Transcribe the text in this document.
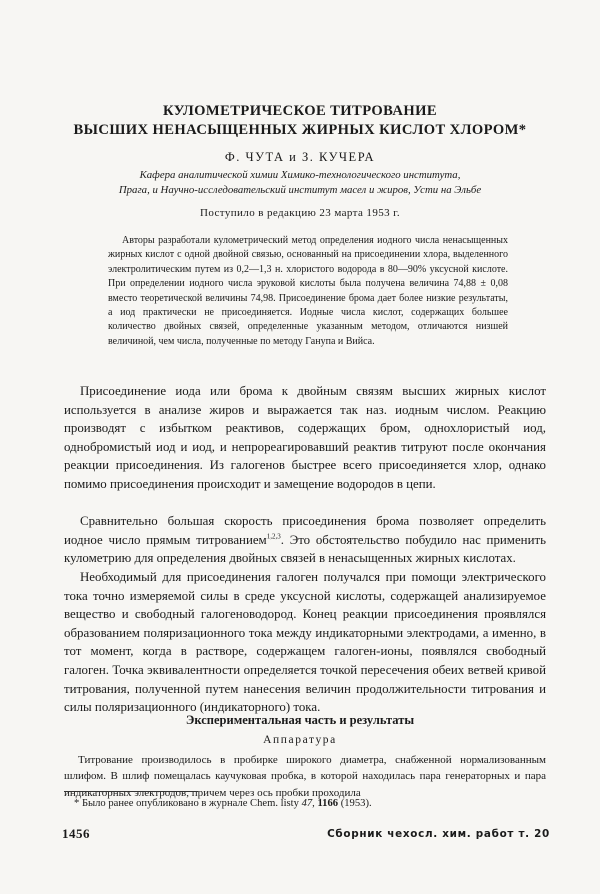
КУЛОМЕТРИЧЕСКОЕ ТИТРОВАНИЕ
ВЫСШИХ НЕНАСЫЩЕННЫХ ЖИРНЫХ КИСЛОТ ХЛОРОМ*
Ф. ЧУТА и З. КУЧЕРА
Кафера аналитической химии Химико-технологического института,
Прага, и Научно-исследовательский институт масел и жиров, Усти на Эльбе
Поступило в редакцию 23 марта 1953 г.

Авторы разработали кулометрический метод определения иодного числа ненасыщенных жирных кислот с одной двойной связью, основанный на присоединении хлора, выделенного электролитическим путем из 0,2—1,3 н. хлористого водорода в 80—90% уксусной кислоте. При определении иодного числа эруковой кислоты была получена величина 74,88 ± 0,08 вместо теоретической величины 74,98. Присоединение брома дает более низкие результаты, а иод практически не присоединяется. Иодные числа кислот, содержащих большее количество двойных связей, определенные указанным методом, отличаются низшей величиной, чем числа, полученные по методу Ганупа и Вийса.

Присоединение иода или брома к двойным связям высших жирных кислот используется в анализе жиров и выражается так наз. иодным числом. Реакцию производят с избытком реактивов, содержащих бром, однохлористый иод, однобромистый иод и иод, и непрореагировавший реактив титруют после окончания реакции присоединения. Из галогенов быстрее всего присоединяется хлор, однако помимо присоединения происходит и замещение водородов в цепи.

Сравнительно большая скорость присоединения брома позволяет определить иодное число прямым титрованием$^{1,2,3}$. Это обстоятельство побудило нас применить кулометрию для определения двойных связей в ненасыщенных жирных кислотах.

Необходимый для присоединения галоген получался при помощи электрического тока точно измеряемой силы в среде уксусной кислоты, содержащей анализируемое вещество и свободный галогеноводород. Конец реакции присоединения проявлялся образованием поляризационного тока между индикаторными электродами, а именно, в тот момент, когда в растворе, содержащем галоген-ионы, появлялся свободный галоген. Точка эквивалентности определяется точкой пересечения обеих ветвей кривой титрования, полученной путем нанесения величин продолжительности титрования и силы поляризационного (индикаторного) тока.

Экспериментальная часть и результаты
Аппаратура

Титрование производилось в пробирке широкого диаметра, снабженной нормализованным шлифом. В шлиф помещалась каучуковая пробка, в которой находилась пара генераторных и пара индикаторных электродов, причем через ось пробки проходила

* Было ранее опубликовано в журнале Chem. listy 47, 1166 (1953).
1456	Сборник чехосл. хим. работ т. 20
